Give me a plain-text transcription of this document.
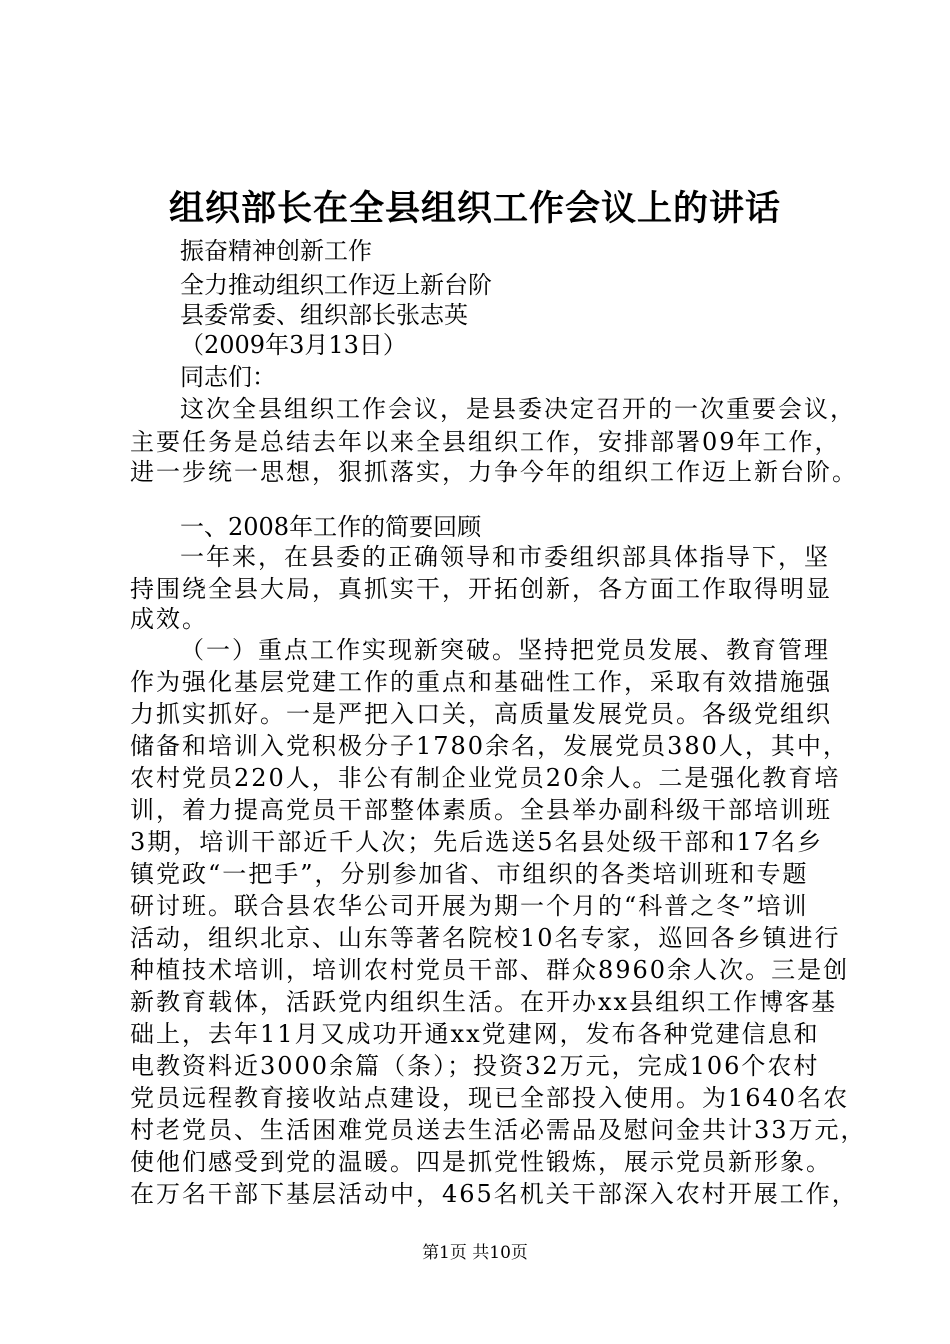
组织部长在全县组织工作会议上的讲话
振奋精神创新工作
全力推动组织工作迈上新台阶
县委常委、组织部长张志英
（2009年3月13日）
同志们：
这次全县组织工作会议，是县委决定召开的一次重要会议，
主要任务是总结去年以来全县组织工作，安排部署09年工作，
进一步统一思想，狠抓落实，力争今年的组织工作迈上新台阶。
一、2008年工作的简要回顾
一年来，在县委的正确领导和市委组织部具体指导下，坚
持围绕全县大局，真抓实干，开拓创新，各方面工作取得明显
成效。
（一）重点工作实现新突破。坚持把党员发展、教育管理
作为强化基层党建工作的重点和基础性工作，采取有效措施强
力抓实抓好。一是严把入口关，高质量发展党员。各级党组织
储备和培训入党积极分子1780余名，发展党员380人，其中，
农村党员220人，非公有制企业党员20余人。二是强化教育培
训，着力提高党员干部整体素质。全县举办副科级干部培训班
3期，培训干部近千人次；先后选送5名县处级干部和17名乡
镇党政“一把手”，分别参加省、市组织的各类培训班和专题
研讨班。联合县农华公司开展为期一个月的“科普之冬”培训
活动，组织北京、山东等著名院校10名专家，巡回各乡镇进行
种植技术培训，培训农村党员干部、群众8960余人次。三是创
新教育载体，活跃党内组织生活。在开办xx县组织工作博客基
础上，去年11月又成功开通xx党建网，发布各种党建信息和
电教资料近3000余篇（条）；投资32万元，完成106个农村
党员远程教育接收站点建设，现已全部投入使用。为1640名农
村老党员、生活困难党员送去生活必需品及慰问金共计33万元，
使他们感受到党的温暖。四是抓党性锻炼，展示党员新形象。
在万名干部下基层活动中，465名机关干部深入农村开展工作，
第1页 共10页
